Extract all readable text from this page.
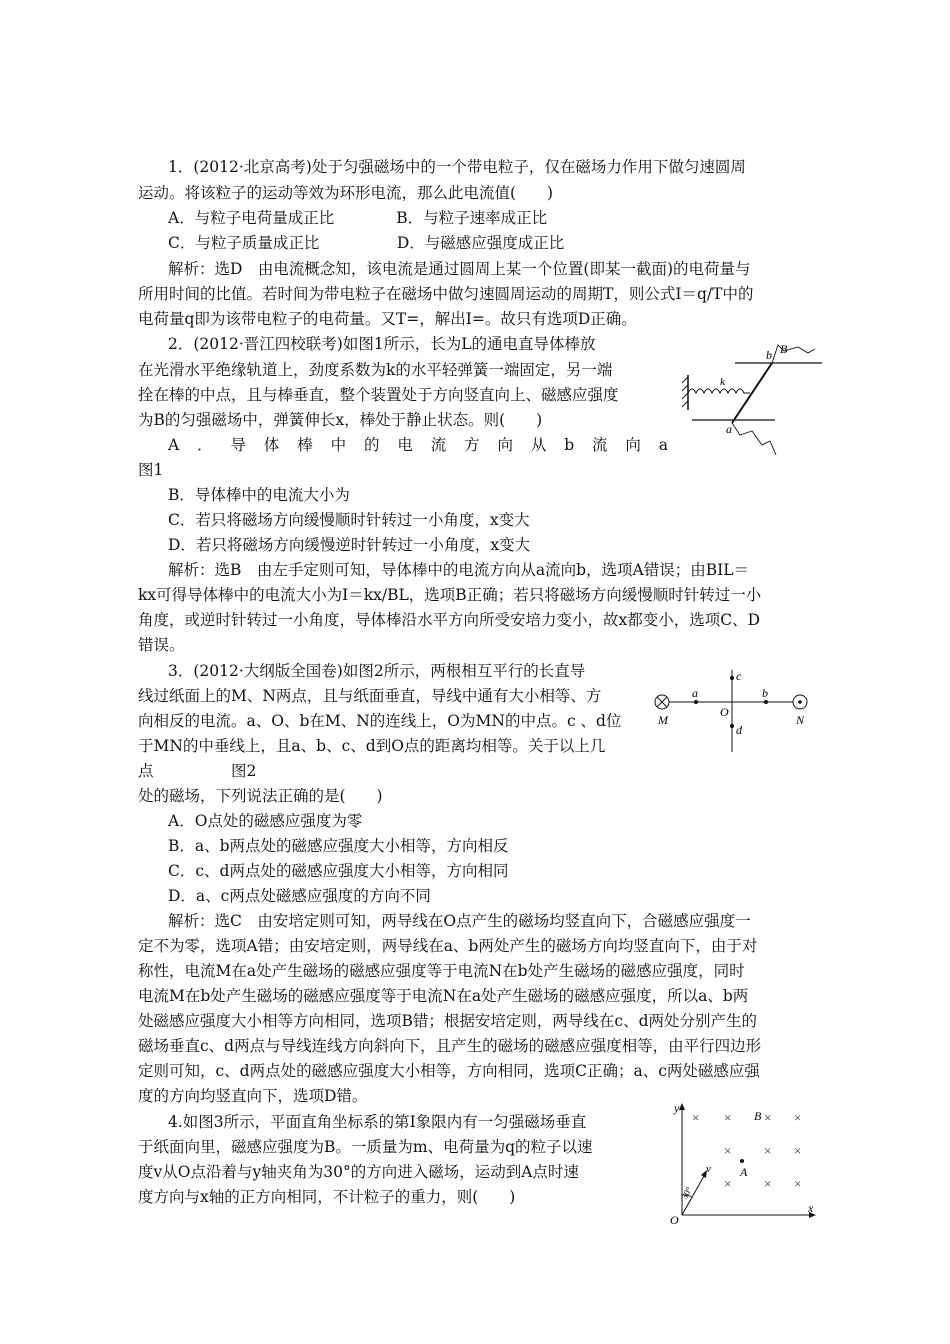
1．(2012·北京高考)处于匀强磁场中的一个带电粒子，仅在磁场力作用下做匀速圆周
运动。将该粒子的运动等效为环形电流，那么此电流值(　　)
A．与粒子电荷量成正比　　　　B．与粒子速率成正比
C．与粒子质量成正比　　　　　D．与磁感应强度成正比
解析：选D　由电流概念知，该电流是通过圆周上某一个位置(即某一截面)的电荷量与
所用时间的比值。若时间为带电粒子在磁场中做匀速圆周运动的周期T，则公式I＝q/T中的
电荷量q即为该带电粒子的电荷量。又T=，解出I=。故只有选项D正确。
2．(2012·晋江四校联考)如图1所示，长为L的通电直导体棒放
在光滑水平绝缘轨道上，劲度系数为k的水平轻弹簧一端固定，另一端
拴在棒的中点，且与棒垂直，整个装置处于方向竖直向上、磁感应强度
为B的匀强磁场中，弹簧伸长x，棒处于静止状态。则(　　)
A ． 导 体 棒 中 的 电 流 方 向 从 b 流 向 a
图1
B．导体棒中的电流大小为
C．若只将磁场方向缓慢顺时针转过一小角度，x变大
D．若只将磁场方向缓慢逆时针转过一小角度，x变大
解析：选B　由左手定则可知，导体棒中的电流方向从a流向b，选项A错误；由BIL＝
kx可得导体棒中的电流大小为I＝kx/BL，选项B正确；若只将磁场方向缓慢顺时针转过一小
角度，或逆时针转过一小角度，导体棒沿水平方向所受安培力变小，故x都变小，选项C、D
错误。
3．(2012·大纲版全国卷)如图2所示，两根相互平行的长直导
线过纸面上的M、N两点，且与纸面垂直，导线中通有大小相等、方
向相反的电流。a、O、b在M、N的连线上，O为MN的中点。c 、d位
于MN的中垂线上，且a、b、c、d到O点的距离均相等。关于以上几
点　　　　　图2
处的磁场，下列说法正确的是(　　)
A．O点处的磁感应强度为零
B．a、b两点处的磁感应强度大小相等，方向相反
C．c、d两点处的磁感应强度大小相等，方向相同
D．a、c两点处磁感应强度的方向不同
解析：选C　由安培定则可知，两导线在O点产生的磁场均竖直向下，合磁感应强度一
定不为零，选项A错；由安培定则，两导线在a、b两处产生的磁场方向均竖直向下，由于对
称性，电流M在a处产生磁场的磁感应强度等于电流N在b处产生磁场的磁感应强度，同时
电流M在b处产生磁场的磁感应强度等于电流N在a处产生磁场的磁感应强度，所以a、b两
处磁感应强度大小相等方向相同，选项B错；根据安培定则，两导线在c、d两处分别产生的
磁场垂直c、d两点与导线连线方向斜向下，且产生的磁场的磁感应强度相等，由平行四边形
定则可知，c、d两点处的磁感应强度大小相等，方向相同，选项C正确；a、c两处磁感应强
度的方向均竖直向下，选项D错。
4.如图3所示，平面直角坐标系的第Ⅰ象限内有一匀强磁场垂直
于纸面向里，磁感应强度为B。一质量为m、电荷量为q的粒子以速
度v从O点沿着与y轴夹角为30°的方向进入磁场，运动到A点时速
度方向与x轴的正方向相同，不计粒子的重力，则(　　)
b B
k
a
M	N
a
O
b
c
d
× ×	× ×
×	× ×
×	× ×
y
x
O
B
A
v
30°
